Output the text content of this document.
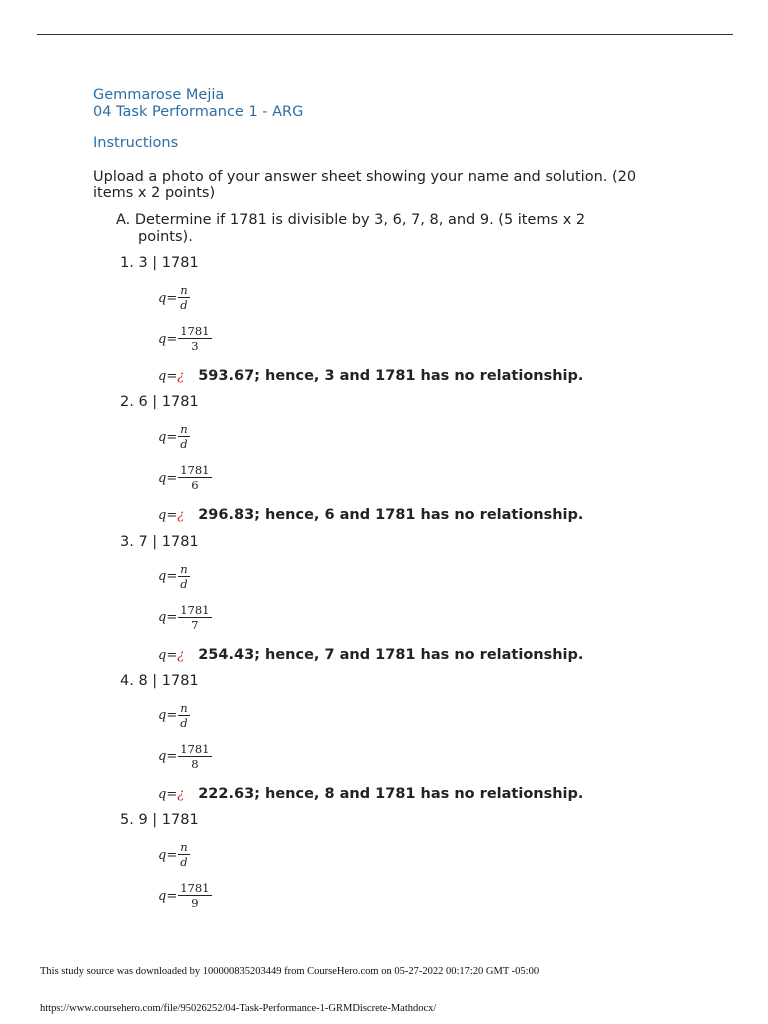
Gemmarose Mejia
04 Task Performance 1 - ARG
Instructions
Upload a photo of your answer sheet showing your name and solution. (20
items x 2 points)
A. Determine if 1781 is divisible by 3, 6, 7, 8, and 9. (5 items x 2
points).
1. 3 | 1781
$q = \frac{n}{d}$
$q = \frac{1781}{3}$
q= ¿ 593.67; hence, 3 and 1781 has no relationship.
2. 6 | 1781
$q = \frac{n}{d}$
$q = \frac{1781}{6}$
q= ¿ 296.83; hence, 6 and 1781 has no relationship.
3. 7 | 1781
$q = \frac{n}{d}$
$q = \frac{1781}{7}$
q= ¿ 254.43; hence, 7 and 1781 has no relationship.
4. 8 | 1781
$q = \frac{n}{d}$
$q = \frac{1781}{8}$
q= ¿ 222.63; hence, 8 and 1781 has no relationship.
5. 9 | 1781
$q = \frac{n}{d}$
$q = \frac{1781}{9}$
This study source was downloaded by 100000835203449 from CourseHero.com on 05-27-2022 00:17:20 GMT -05:00
https://www.coursehero.com/file/95026252/04-Task-Performance-1-GRMDiscrete-Mathdocx/
